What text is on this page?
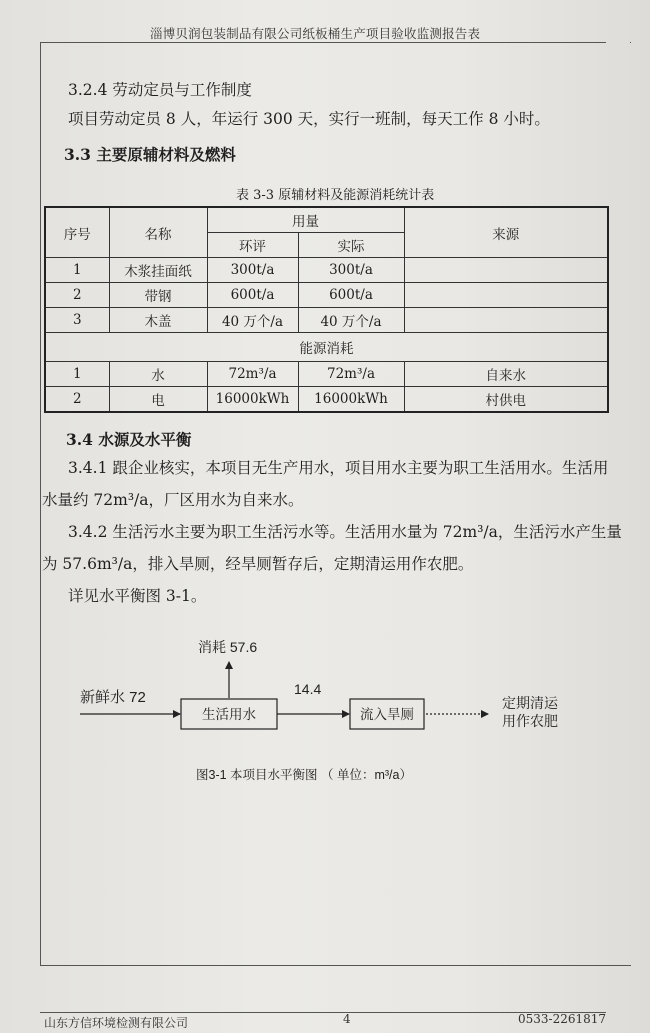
淄博贝润包装制品有限公司纸板桶生产项目验收监测报告表
3.2.4 劳动定员与工作制度
项目劳动定员 8 人，年运行 300 天，实行一班制，每天工作 8 小时。
3.3 主要原辅材料及燃料
表 3-3 原辅材料及能源消耗统计表
序号	名称	用量		来源
		环评	实际	
1	木浆挂面纸	300t/a	300t/a	
2	带钢	600t/a	600t/a	
3	木盖	40 万个/a	40 万个/a	
能源消耗				
1	水	72m³/a	72m³/a	自来水
2	电	16000kWh	16000kWh	村供电
3.4 水源及水平衡
3.4.1 跟企业核实，本项目无生产用水，项目用水主要为职工生活用水。生活用
水量约 72m³/a，厂区用水为自来水。
3.4.2 生活污水主要为职工生活污水等。生活用水量为 72m³/a，生活污水产生量
为 57.6m³/a，排入旱厕，经旱厕暂存后，定期清运用作农肥。
详见水平衡图 3-1。
消耗 57.6
新鲜水 72
生活用水
14.4
流入旱厕
定期清运
用作农肥
图3-1 本项目水平衡图 （ 单位：m³/a）
山东方信环境检测有限公司	4	0533-2261817
